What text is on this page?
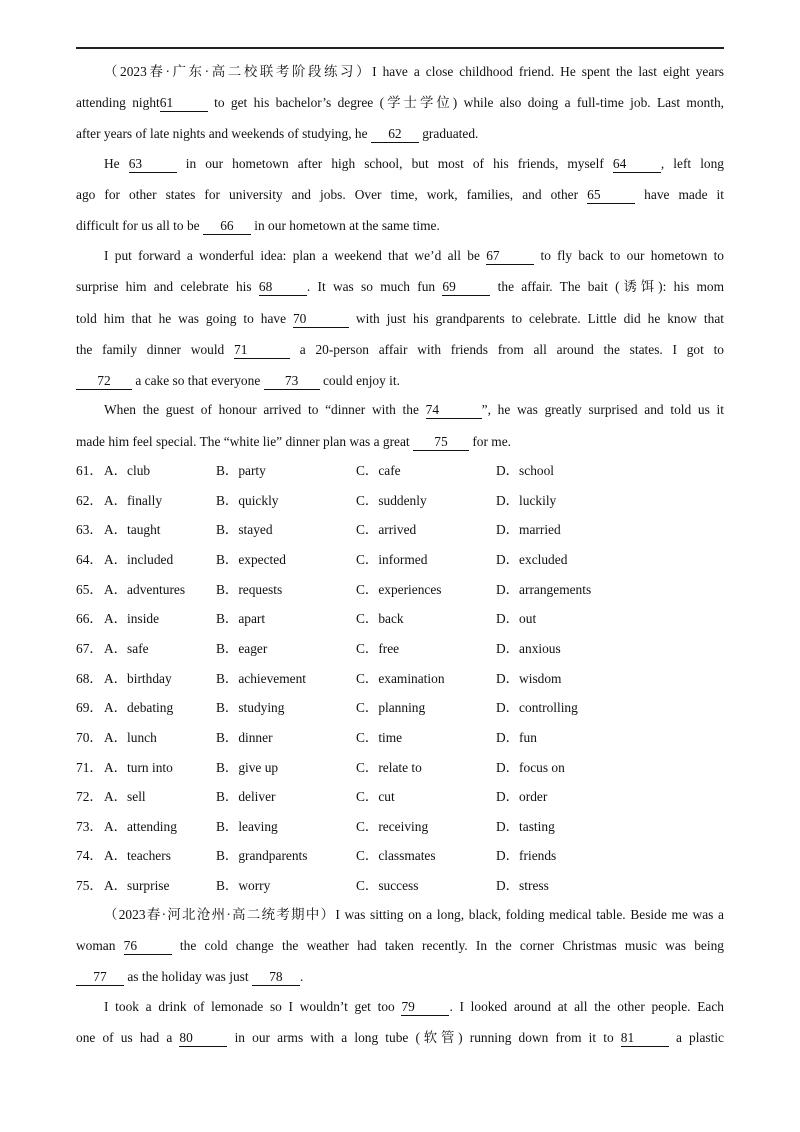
（2023春·广东·高二校联考阶段练习）I have a close childhood friend. He spent the last eight years
attending night61	to get his bachelor’s degree (学士学位) while also doing a full-time job. Last month,
after years of late nights and weekends of studying, he 62 graduated.
He 63	in our hometown after high school, but most of his friends, myself 64	, left long
ago for other states for university and jobs. Over time, work, families, and other 65	have made it
difficult for us all to be 66 in our hometown at the same time.
I put forward a wonderful idea: plan a weekend that we’d all be 67	to fly back to our hometown to
surprise him and celebrate his 68	. It was so much fun 69	the affair. The bait (诱饵): his mom
told him that he was going to have 70	with just his grandparents to celebrate. Little did he know that
the family dinner would 71	a 20-person affair with friends from all around the states. I got to
72 a cake so that everyone 73 could enjoy it.
When the guest of honour arrived to “dinner with the 74	”, he was greatly surprised and told us it
made him feel special. The “white lie” dinner plan was a great 75 for me.
61． A．club	B．party	C．cafe	D．school
62． A．finally	B．quickly	C．suddenly	D．luckily
63． A．taught	B．stayed	C．arrived	D．married
64． A．included	B．expected	C．informed	D．excluded
65． A．adventures B．requests	C．experiences	D．arrangements
66． A．inside	B．apart	C．back	D．out
67． A．safe	B．eager	C．free	D．anxious
68． A．birthday	B．achievement	C．examination	D．wisdom
69． A．debating	B．studying	C．planning	D．controlling
70． A．lunch	B．dinner	C．time	D．fun
71． A．turn into	B．give up	C．relate to	D．focus on
72． A．sell	B．deliver	C．cut	D．order
73． A．attending	B．leaving	C．receiving	D．tasting
74． A．teachers	B．grandparents	C．classmates	D．friends
75． A．surprise	B．worry	C．success	D．stress
（2023春·河北沧州·高二统考期中）I was sitting on a long, black, folding medical table. Beside me was a
woman 76	the cold change the weather had taken recently. In the corner Christmas music was being
77 as the holiday was just 78 .
I took a drink of lemonade so I wouldn’t get too 79	. I looked around at all the other people. Each
one of us had a 80	in our arms with a long tube (软管) running down from it to 81	a plastic
